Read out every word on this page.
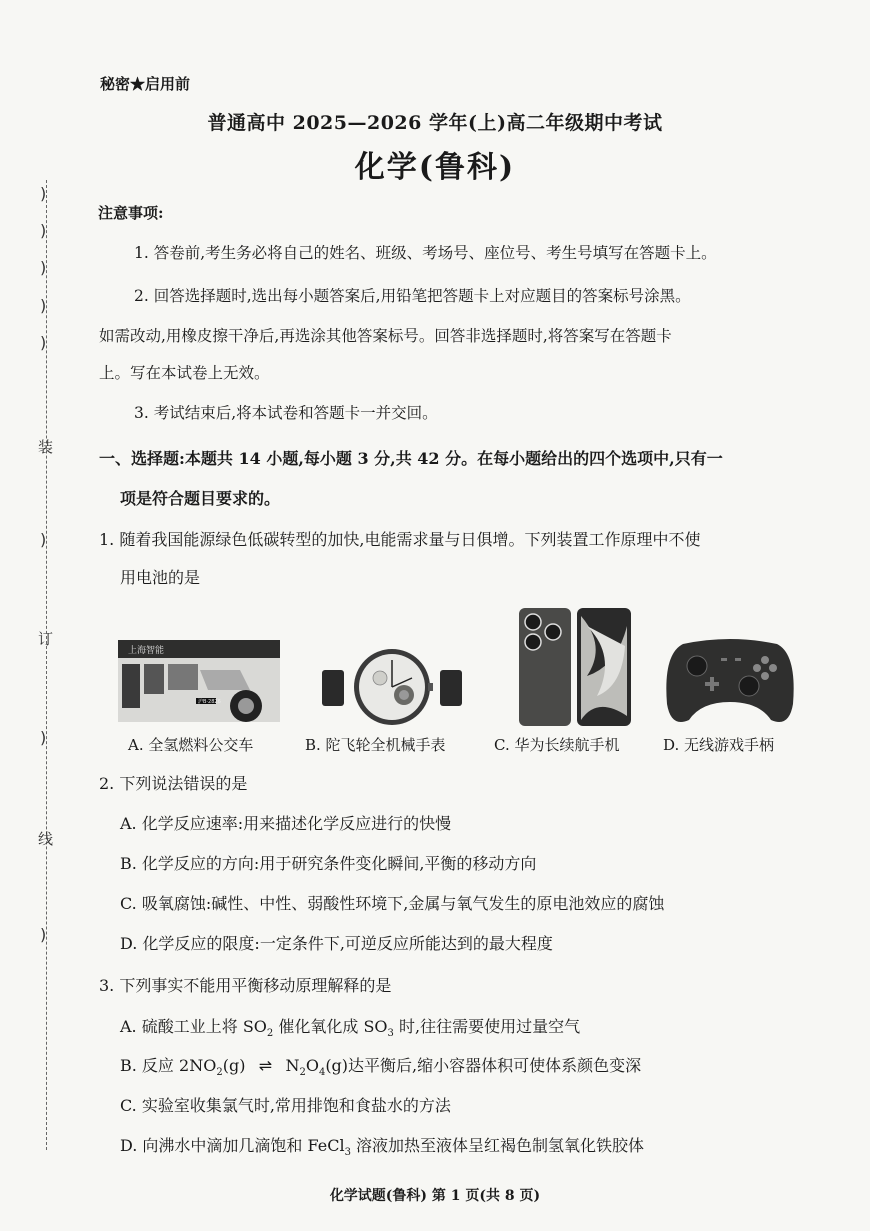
)
)
)
)
)
装
)
订
)
线
)
秘密★启用前
普通高中 2025—2026 学年(上)高二年级期中考试
化学(鲁科)
注意事项:
1. 答卷前,考生务必将自己的姓名、班级、考场号、座位号、考生号填写在答题卡上。
2. 回答选择题时,选出每小题答案后,用铅笔把答题卡上对应题目的答案标号涂黑。
如需改动,用橡皮擦干净后,再选涂其他答案标号。回答非选择题时,将答案写在答题卡
上。写在本试卷上无效。
3. 考试结束后,将本试卷和答题卡一并交回。
一、选择题:本题共 14 小题,每小题 3 分,共 42 分。在每小题给出的四个选项中,只有一
项是符合题目要求的。
1. 随着我国能源绿色低碳转型的加快,电能需求量与日俱增。下列装置工作原理中不使
用电池的是
上海智能
沪B·2826
A. 全氢燃料公交车	B. 陀飞轮全机械手表	C. 华为长续航手机	D. 无线游戏手柄
2. 下列说法错误的是
A. 化学反应速率:用来描述化学反应进行的快慢
B. 化学反应的方向:用于研究条件变化瞬间,平衡的移动方向
C. 吸氧腐蚀:碱性、中性、弱酸性环境下,金属与氧气发生的原电池效应的腐蚀
D. 化学反应的限度:一定条件下,可逆反应所能达到的最大程度
3. 下列事实不能用平衡移动原理解释的是
A. 硫酸工业上将 $SO_2$ 催化氧化成 $SO_3$ 时,往往需要使用过量空气
B. 反应 $2NO_2(g)$ ⇌ $N_2O_4(g)$达平衡后,缩小容器体积可使体系颜色变深
C. 实验室收集氯气时,常用排饱和食盐水的方法
D. 向沸水中滴加几滴饱和 FeCl$_3$ 溶液加热至液体呈红褐色制氢氧化铁胶体
化学试题(鲁科) 第 1 页(共 8 页)
